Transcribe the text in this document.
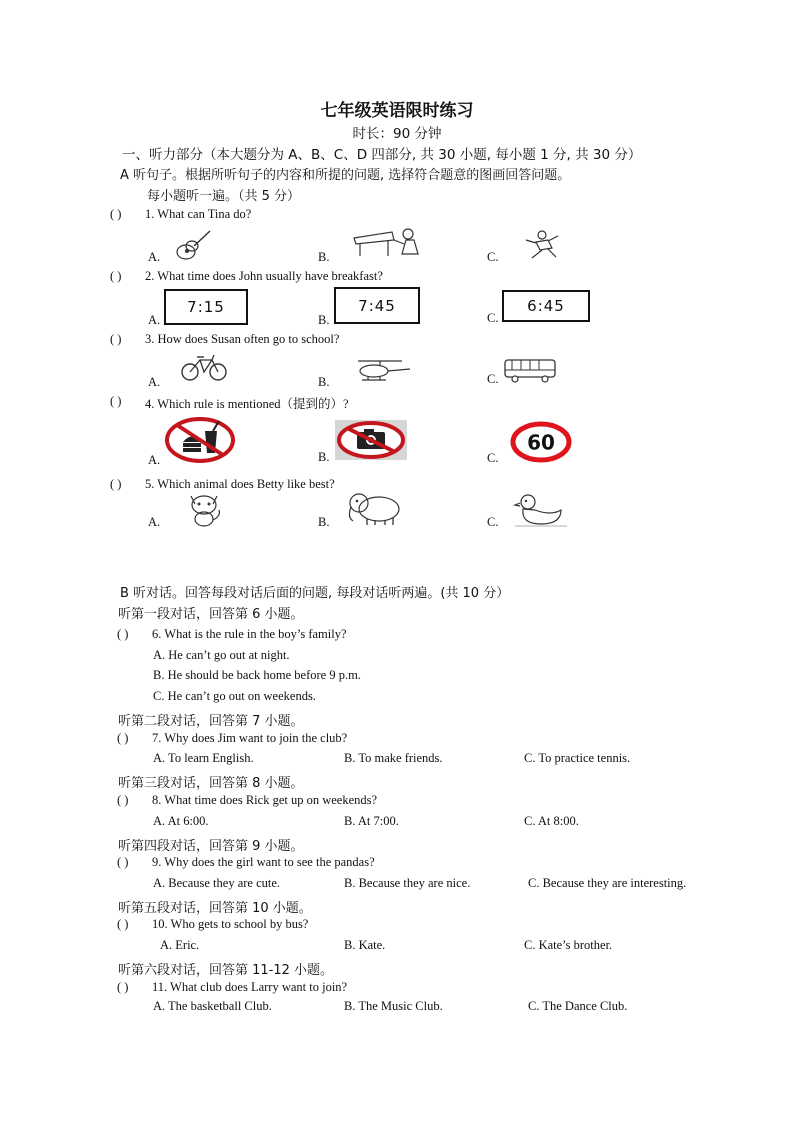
七年级英语限时练习
时长：90 分钟
一、听力部分（本大题分为 A、B、C、D 四部分, 共 30 小题, 每小题 1 分, 共 30 分）
A 听句子。根据所听句子的内容和所提的问题, 选择符合题意的图画回答问题。
每小题听一遍。（共 5 分）
( ) 1. What can Tina do?
A.	B.	C.
( ) 2. What time does John usually have breakfast?
A.	B.	C.
7:15	7:45	6:45
( ) 3. How does Susan often go to school?
A.	B.	C.
( ) 4. Which rule is mentioned（提到的）?
A.	B.	C.
60
( ) 5. Which animal does Betty like best?
A.	B.	C.
B 听对话。回答每段对话后面的问题, 每段对话听两遍。(共 10 分）
听第一段对话，回答第 6 小题。
( ) 6. What is the rule in the boy’s family?
A. He can’t go out at night.
B. He should be back home before 9 p.m.
C. He can’t go out on weekends.
听第二段对话，回答第 7 小题。
( ) 7. Why does Jim want to join the club?
A. To learn English.	B. To make friends.	C. To practice tennis.
听第三段对话，回答第 8 小题。
( ) 8. What time does Rick get up on weekends?
A. At 6:00.	B. At 7:00.	C. At 8:00.
听第四段对话，回答第 9 小题。
( ) 9. Why does the girl want to see the pandas?
A. Because they are cute.	B. Because they are nice.	C. Because they are interesting.
听第五段对话，回答第 10 小题。
( ) 10. Who gets to school by bus?
A. Eric.	B. Kate.	C. Kate’s brother.
听第六段对话，回答第 11-12 小题。
( ) 11. What club does Larry want to join?
A. The basketball Club.	B. The Music Club.	C. The Dance Club.
